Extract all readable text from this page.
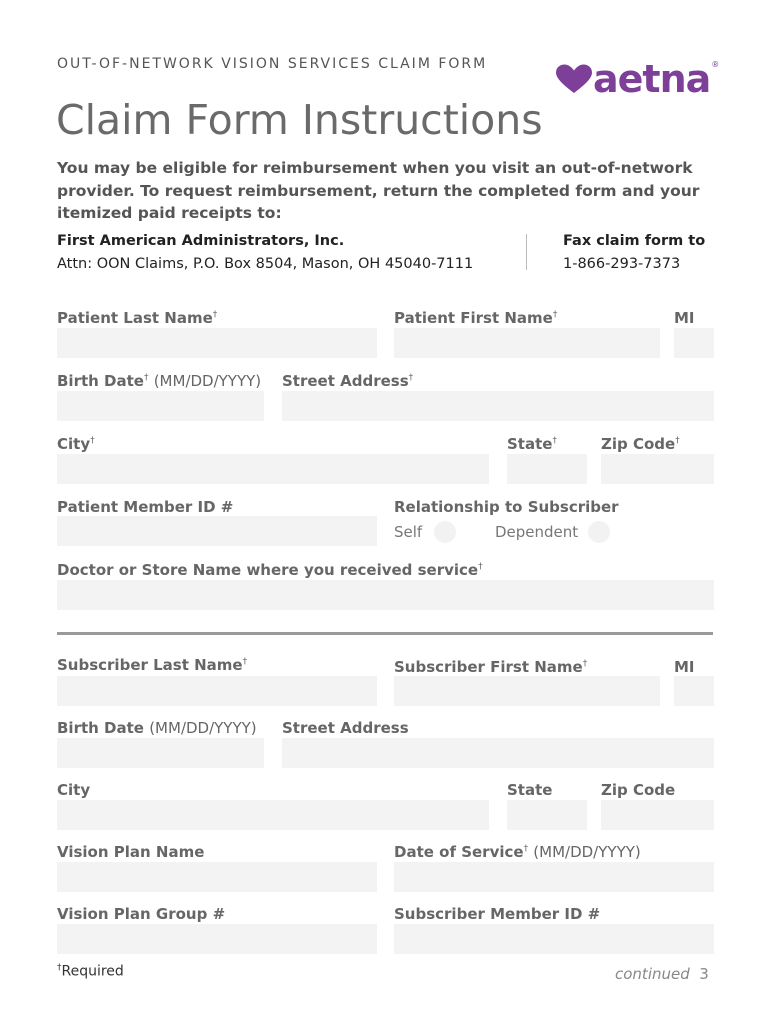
OUT-OF-NETWORK VISION SERVICES CLAIM FORM	aetna ®
Claim Form Instructions
You may be eligible for reimbursement when you visit an out-of-network provider. To request reimbursement, return the completed form and your itemized paid receipts to:
First American Administrators, Inc.
Attn: OON Claims, P.O. Box 8504, Mason, OH 45040-7111
Fax claim form to
1-866-293-7373
Patient Last Name†	Patient First Name†	MI
Birth Date† (MM/DD/YYYY) Street Address†
City†	State†	Zip Code†
Patient Member ID #	Relationship to Subscriber
Self	Dependent
Doctor or Store Name where you received service†
Subscriber Last Name†	Subscriber First Name†	MI
Birth Date (MM/DD/YYYY) Street Address
City	State	Zip Code
Vision Plan Name	Date of Service† (MM/DD/YYYY)
Vision Plan Group #	Subscriber Member ID #
†Required	continued 3
